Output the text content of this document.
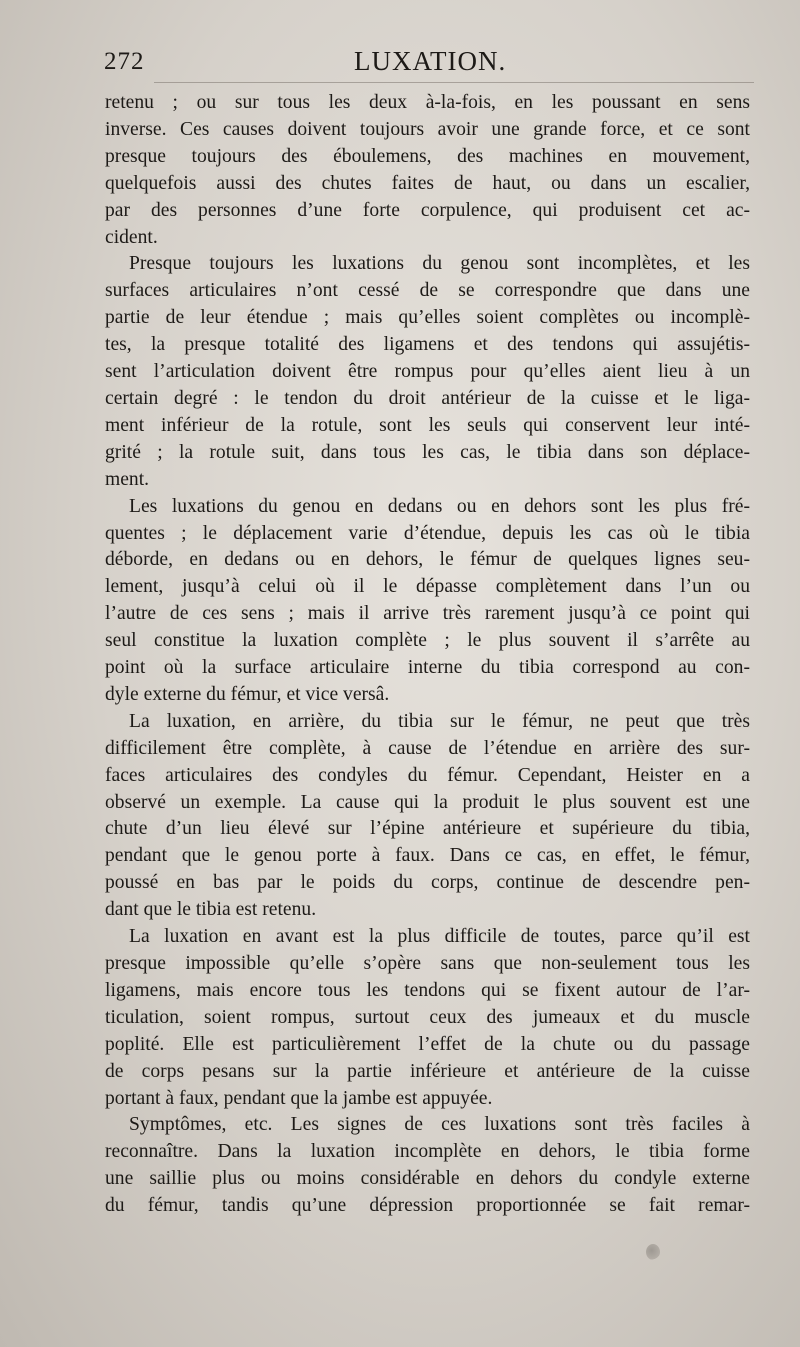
272	LUXATION.

retenu ; ou sur tous les deux à-la-fois, en les poussant en sens
inverse. Ces causes doivent toujours avoir une grande force, et ce sont
presque toujours des éboulemens, des machines en mouvement,
quelquefois aussi des chutes faites de haut, ou dans un escalier,
par des personnes d’une forte corpulence, qui produisent cet ac-
cident.

Presque toujours les luxations du genou sont incomplètes, et les
surfaces articulaires n’ont cessé de se correspondre que dans une
partie de leur étendue ; mais qu’elles soient complètes ou incomplè-
tes, la presque totalité des ligamens et des tendons qui assujétis-
sent l’articulation doivent être rompus pour qu’elles aient lieu à un
certain degré : le tendon du droit antérieur de la cuisse et le liga-
ment inférieur de la rotule, sont les seuls qui conservent leur inté-
grité ; la rotule suit, dans tous les cas, le tibia dans son déplace-
ment.

Les luxations du genou en dedans ou en dehors sont les plus fré-
quentes ; le déplacement varie d’étendue, depuis les cas où le tibia
déborde, en dedans ou en dehors, le fémur de quelques lignes seu-
lement, jusqu’à celui où il le dépasse complètement dans l’un ou
l’autre de ces sens ; mais il arrive très rarement jusqu’à ce point qui
seul constitue la luxation complète ; le plus souvent il s’arrête au
point où la surface articulaire interne du tibia correspond au con-
dyle externe du fémur, et vice versâ.

La luxation, en arrière, du tibia sur le fémur, ne peut que très
difficilement être complète, à cause de l’étendue en arrière des sur-
faces articulaires des condyles du fémur. Cependant, Heister en a
observé un exemple. La cause qui la produit le plus souvent est une
chute d’un lieu élevé sur l’épine antérieure et supérieure du tibia,
pendant que le genou porte à faux. Dans ce cas, en effet, le fémur,
poussé en bas par le poids du corps, continue de descendre pen-
dant que le tibia est retenu.

La luxation en avant est la plus difficile de toutes, parce qu’il est
presque impossible qu’elle s’opère sans que non-seulement tous les
ligamens, mais encore tous les tendons qui se fixent autour de l’ar-
ticulation, soient rompus, surtout ceux des jumeaux et du muscle
poplité. Elle est particulièrement l’effet de la chute ou du passage
de corps pesans sur la partie inférieure et antérieure de la cuisse
portant à faux, pendant que la jambe est appuyée.

Symptômes, etc. Les signes de ces luxations sont très faciles à
reconnaître. Dans la luxation incomplète en dehors, le tibia forme
une saillie plus ou moins considérable en dehors du condyle externe
du fémur, tandis qu’une dépression proportionnée se fait remar-
